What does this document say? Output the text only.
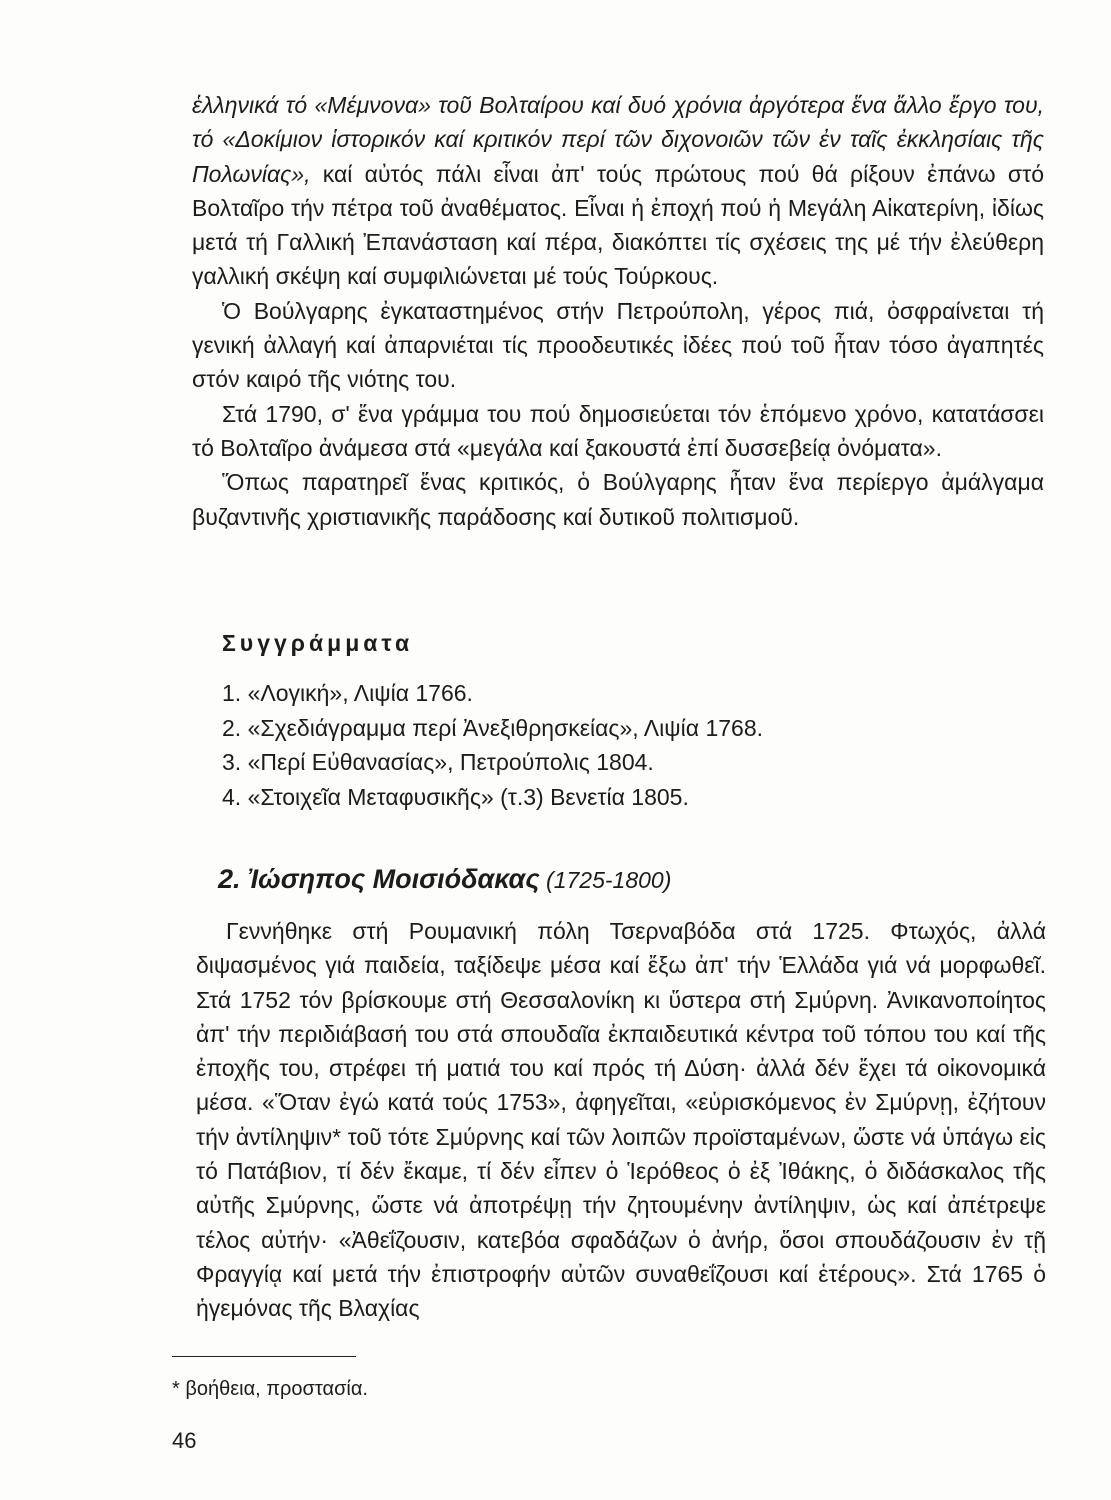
ἑλληνικά τό «Μέμνονα» τοῦ Βολταίρου καί δυό χρόνια ἀργότερα ἕνα ἄλλο ἔργο του, τό «Δοκίμιον ἱστορικόν καί κριτικόν περί τῶν διχονοιῶν τῶν ἐν ταῖς ἐκκλησίαις τῆς Πολωνίας», καί αὐτός πάλι εἶναι ἀπ' τούς πρώτους πού θά ρίξουν ἐπάνω στό Βολταῖρο τήν πέτρα τοῦ ἀναθέματος. Εἶναι ἡ ἐποχή πού ἡ Μεγάλη Αἰκατερίνη, ἰδίως μετά τή Γαλλική Ἐπανάσταση καί πέρα, διακόπτει τίς σχέσεις της μέ τήν ἐλεύθερη γαλλική σκέψη καί συμφιλιώνεται μέ τούς Τούρκους.

Ὁ Βούλγαρης ἐγκαταστημένος στήν Πετρούπολη, γέρος πιά, ὀσφραίνεται τή γενική ἀλλαγή καί ἀπαρνιέται τίς προοδευτικές ἰδέες πού τοῦ ἦταν τόσο ἀγαπητές στόν καιρό τῆς νιότης του.

Στά 1790, σ' ἕνα γράμμα του πού δημοσιεύεται τόν ἑπόμενο χρόνο, κατατάσσει τό Βολταῖρο ἀνάμεσα στά «μεγάλα καί ξακουστά ἐπί δυσσεβείᾳ ὀνόματα».

Ὅπως παρατηρεῖ ἕνας κριτικός, ὁ Βούλγαρης ἦταν ἕνα περίεργο ἀμάλγαμα βυζαντινῆς χριστιανικῆς παράδοσης καί δυτικοῦ πολιτισμοῦ.

Συγγράμματα
1. «Λογική», Λιψία 1766.
2. «Σχεδιάγραμμα περί Ἀνεξιθρησκείας», Λιψία 1768.
3. «Περί Εὐθανασίας», Πετρούπολις 1804.
4. «Στοιχεῖα Μεταφυσικῆς» (τ.3) Βενετία 1805.
2. Ἰώσηπος Μοισιόδακας (1725-1800)

Γεννήθηκε στή Ρουμανική πόλη Τσερναβόδα στά 1725. Φτωχός, ἀλλά διψασμένος γιά παιδεία, ταξίδεψε μέσα καί ἔξω ἀπ' τήν Ἑλλάδα γιά νά μορφωθεῖ. Στά 1752 τόν βρίσκουμε στή Θεσσαλονίκη κι ὕστερα στή Σμύρνη. Ἀνικανοποίητος ἀπ' τήν περιδιάβασή του στά σπουδαῖα ἐκπαιδευτικά κέντρα τοῦ τόπου του καί τῆς ἐποχῆς του, στρέφει τή ματιά του καί πρός τή Δύση· ἀλλά δέν ἔχει τά οἰκονομικά μέσα. «Ὅταν ἐγώ κατά τούς 1753», ἀφηγεῖται, «εὑρισκόμενος ἐν Σμύρνῃ, ἐζήτουν τήν ἀντίληψιν* τοῦ τότε Σμύρνης καί τῶν λοιπῶν προϊσταμένων, ὥστε νά ὑπάγω εἰς τό Πατάβιον, τί δέν ἔκαμε, τί δέν εἶπεν ὁ Ἱερόθεος ὁ ἐξ Ἰθάκης, ὁ διδάσκαλος τῆς αὐτῆς Σμύρνης, ὥστε νά ἀποτρέψῃ τήν ζητουμένην ἀντίληψιν, ὡς καί ἀπέτρεψε τέλος αὐτήν· «Ἀθεΐζουσιν, κατεβόα σφαδάζων ὁ ἀνήρ, ὅσοι σπουδάζουσιν ἐν τῇ Φραγγίᾳ καί μετά τήν ἐπιστροφήν αὐτῶν συναθεΐζουσι καί ἑτέρους». Στά 1765 ὁ ἡγεμόνας τῆς Βλαχίας

* βοήθεια, προστασία.

46
